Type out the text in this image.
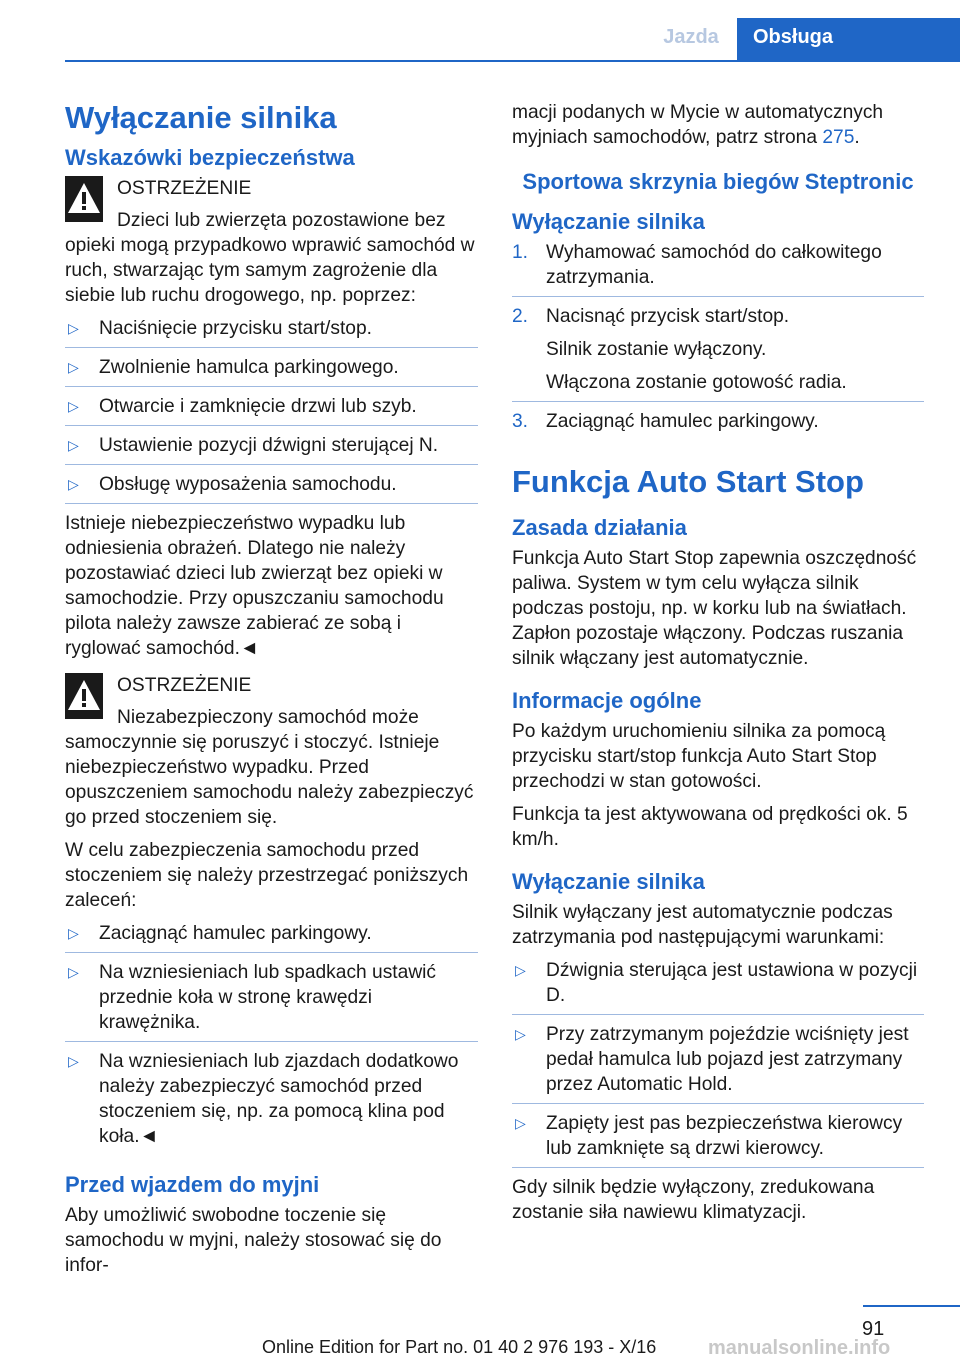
Jazda	Obsługa
Wyłączanie silnika
Wskazówki bezpieczeństwa
OSTRZEŻENIE
Dzieci lub zwierzęta pozostawione bez opieki mogą przypadkowo wprawić samochód w ruch, stwarzając tym samym zagrożenie dla siebie lub ruchu drogowego, np. poprzez:
▷ Naciśnięcie przycisku start/stop.
▷ Zwolnienie hamulca parkingowego.
▷ Otwarcie i zamknięcie drzwi lub szyb.
▷ Ustawienie pozycji dźwigni sterującej N.
▷ Obsługę wyposażenia samochodu.

Istnieje niebezpieczeństwo wypadku lub odniesienia obrażeń. Dlatego nie należy pozostawiać dzieci lub zwierząt bez opieki w samochodzie. Przy opuszczaniu samochodu pilota należy zawsze zabierać ze sobą i ryglować samochód.◄

OSTRZEŻENIE
Niezabezpieczony samochód może samoczynnie się poruszyć i stoczyć. Istnieje niebezpieczeństwo wypadku. Przed opuszczeniem samochodu należy zabezpieczyć go przed stoczeniem się.

W celu zabezpieczenia samochodu przed stoczeniem się należy przestrzegać poniższych zaleceń:

▷ Zaciągnąć hamulec parkingowy.
▷ Na wzniesieniach lub spadkach ustawić przednie koła w stronę krawędzi krawężnika.
▷ Na wzniesieniach lub zjazdach dodatkowo należy zabezpieczyć samochód przed stoczeniem się, np. za pomocą klina pod koła.◄
Przed wjazdem do myjni

Aby umożliwić swobodne toczenie się samochodu w myjni, należy stosować się do infor-

macji podanych w Mycie w automatycznych myjniach samochodów, patrz strona 275.

Sportowa skrzynia biegów Steptronic
Wyłączanie silnika
1. Wyhamować samochód do całkowitego zatrzymania.
2. Nacisnąć przycisk start/stop.
Silnik zostanie wyłączony.
Włączona zostanie gotowość radia.
3. Zaciągnąć hamulec parkingowy.
Funkcja Auto Start Stop
Zasada działania

Funkcja Auto Start Stop zapewnia oszczędność paliwa. System w tym celu wyłącza silnik podczas postoju, np. w korku lub na światłach. Zapłon pozostaje włączony. Podczas ruszania silnik włączany jest automatycznie.

Informacje ogólne

Po każdym uruchomieniu silnika za pomocą przycisku start/stop funkcja Auto Start Stop przechodzi w stan gotowości.

Funkcja ta jest aktywowana od prędkości ok. 5 km/h.

Wyłączanie silnika

Silnik wyłączany jest automatycznie podczas zatrzymania pod następującymi warunkami:

▷ Dźwignia sterująca jest ustawiona w pozycji D.
▷ Przy zatrzymanym pojeździe wciśnięty jest pedał hamulca lub pojazd jest zatrzymany przez Automatic Hold.
▷ Zapięty jest pas bezpieczeństwa kierowcy lub zamknięte są drzwi kierowcy.

Gdy silnik będzie wyłączony, zredukowana zostanie siła nawiewu klimatyzacji.

91
Online Edition for Part no. 01 40 2 976 193 - X/16	manualsonline.info
